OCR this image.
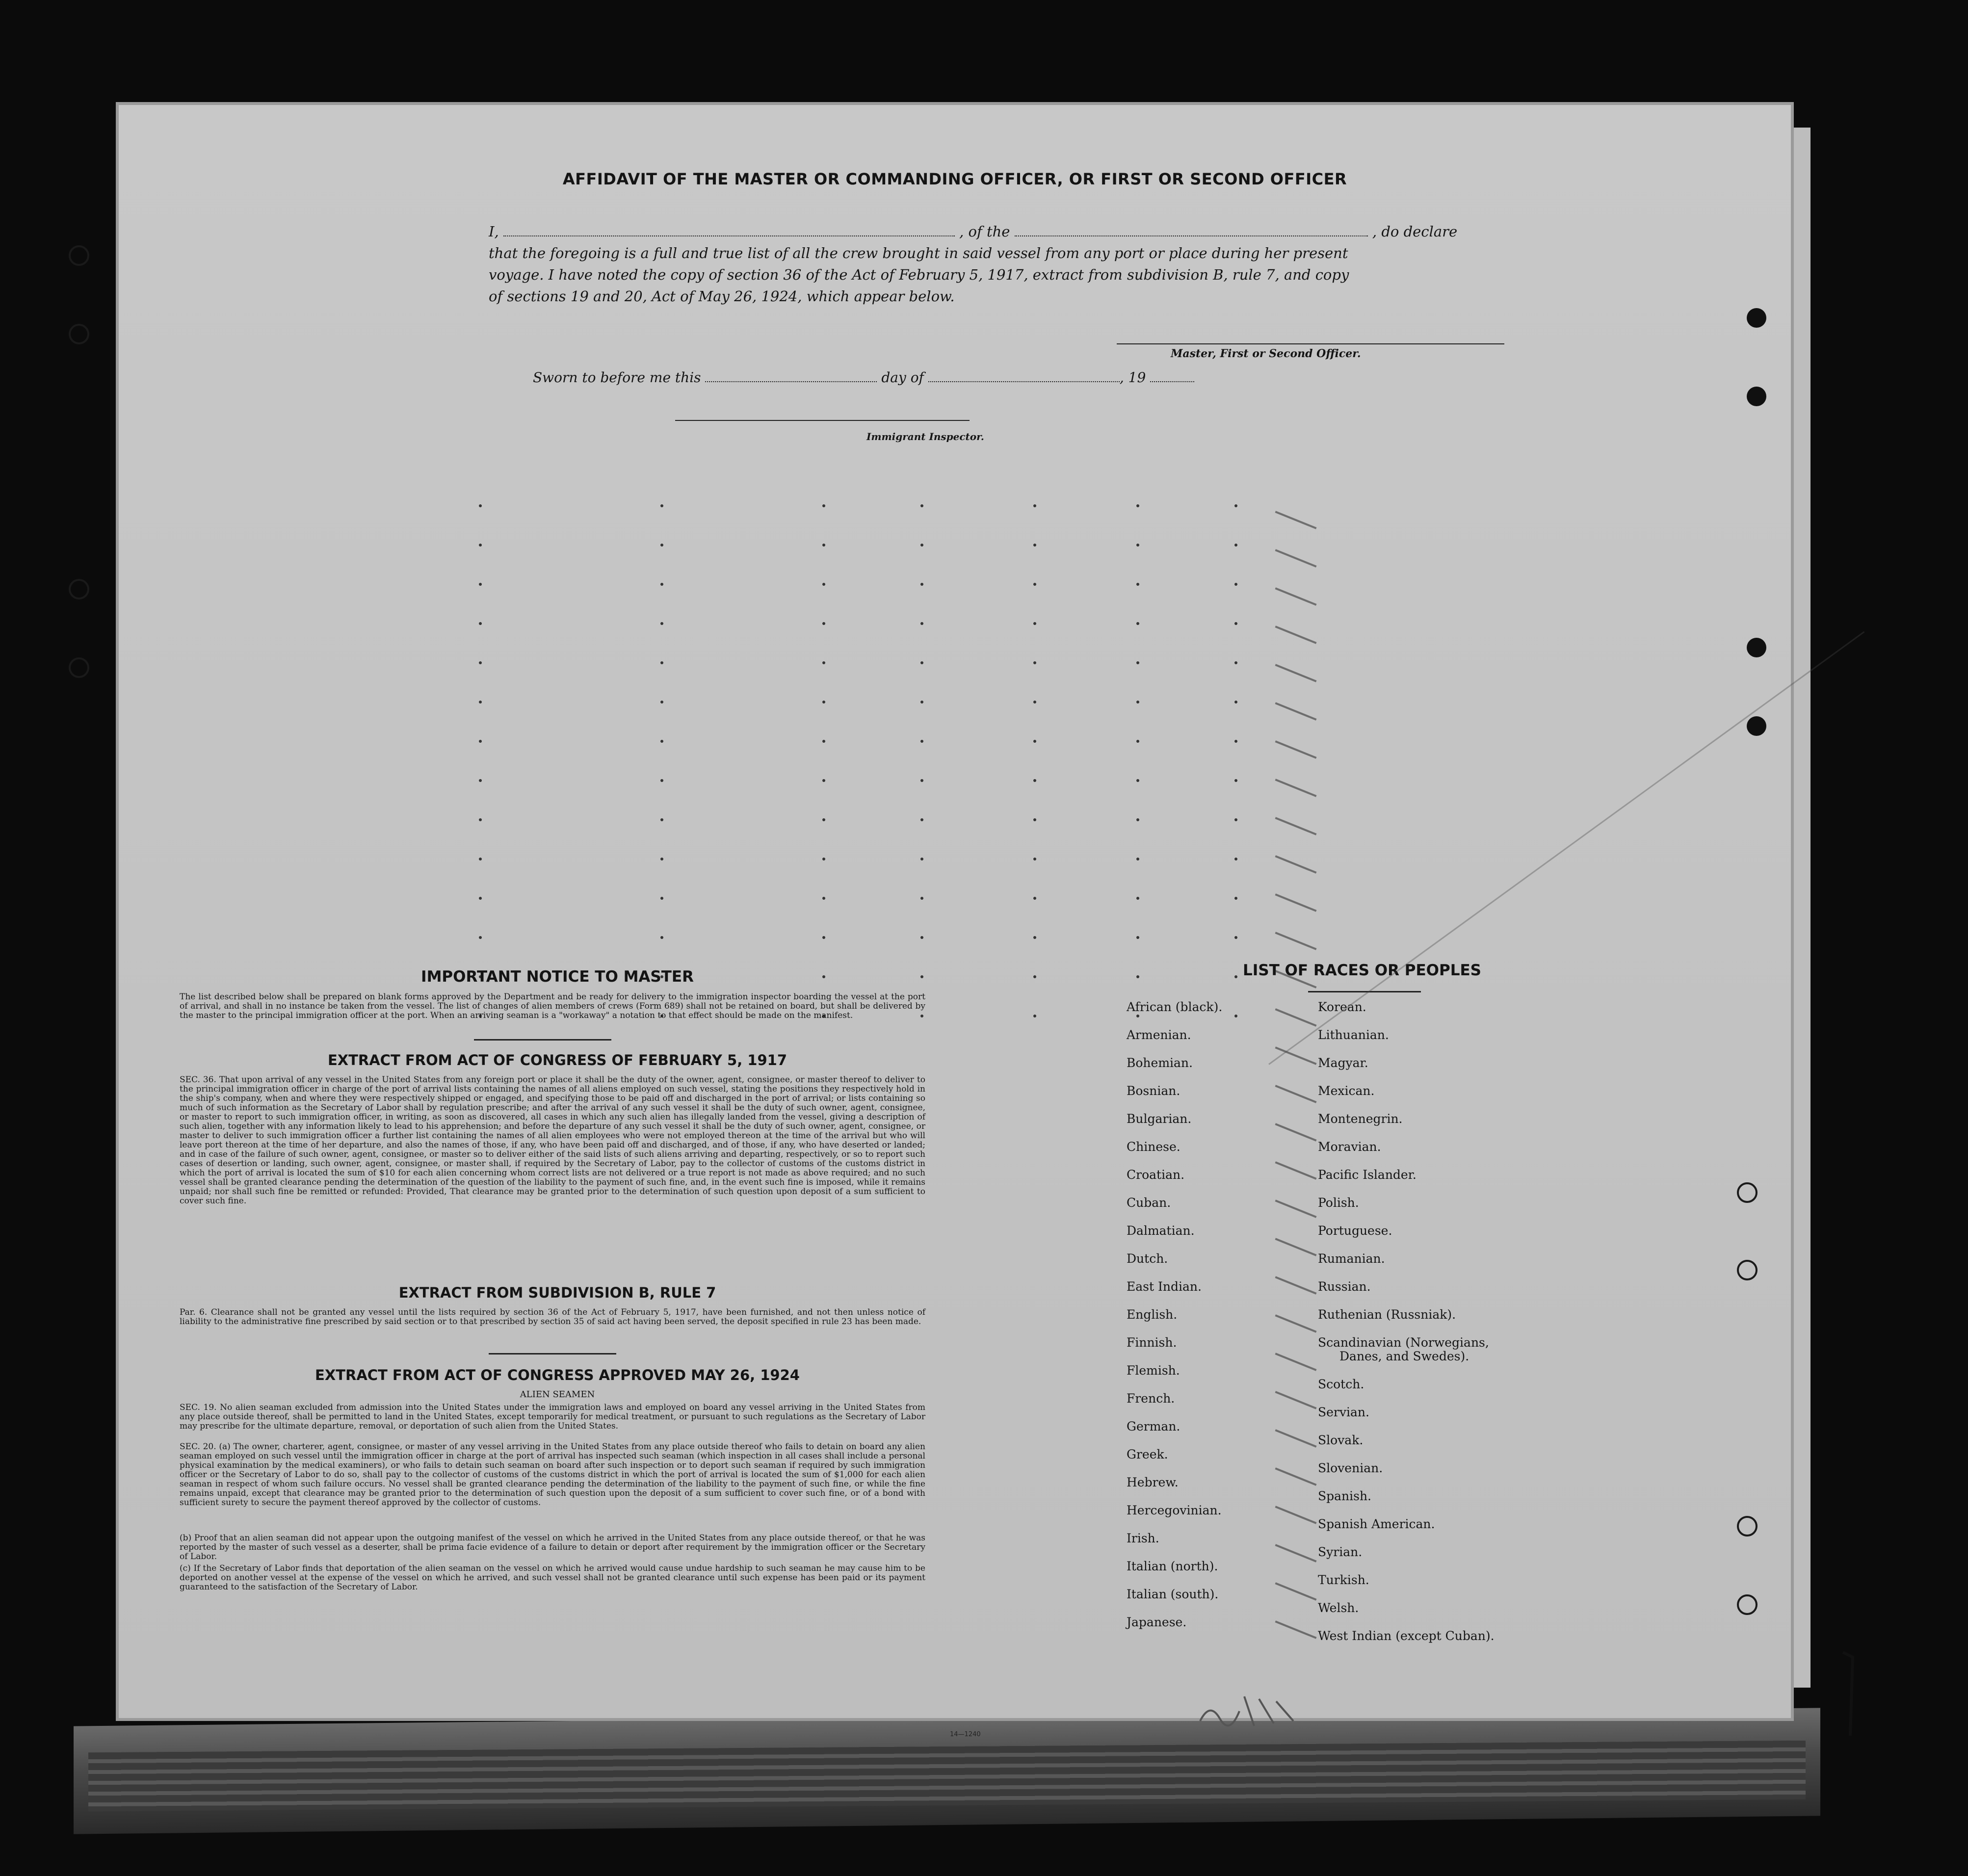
AFFIDAVIT OF THE MASTER OR COMMANDING OFFICER, OR FIRST OR SECOND OFFICER
I,	, of the	, do declare
that the foregoing is a full and true list of all the crew brought in said vessel from any port or place during her present
voyage. I have noted the copy of section 36 of the Act of February 5, 1917, extract from subdivision B, rule 7, and copy
of sections 19 and 20, Act of May 26, 1924, which appear below.
Master, First or Second Officer.
Sworn to before me this	day of	, 19
Immigrant Inspector.
IMPORTANT NOTICE TO MASTER
The list described below shall be prepared on blank forms approved by the Department and be ready for delivery to the immigration inspector boarding the vessel at the port of arrival, and shall in no instance be taken from the vessel. The list of changes of alien members of crews (Form 689) shall not be retained on board, but shall be delivered by the master to the principal immigration officer at the port. When an arriving seaman is a "workaway" a notation to that effect should be made on the manifest.
EXTRACT FROM ACT OF CONGRESS OF FEBRUARY 5, 1917
SEC. 36. That upon arrival of any vessel in the United States from any foreign port or place it shall be the duty of the owner, agent, consignee, or master thereof to deliver to the principal immigration officer in charge of the port of arrival lists containing the names of all aliens employed on such vessel, stating the positions they respectively hold in the ship's company, when and where they were respectively shipped or engaged, and specifying those to be paid off and discharged in the port of arrival; or lists containing so much of such information as the Secretary of Labor shall by regulation prescribe; and after the arrival of any such vessel it shall be the duty of such owner, agent, consignee, or master to report to such immigration officer, in writing, as soon as discovered, all cases in which any such alien has illegally landed from the vessel, giving a description of such alien, together with any information likely to lead to his apprehension; and before the departure of any such vessel it shall be the duty of such owner, agent, consignee, or master to deliver to such immigration officer a further list containing the names of all alien employees who were not employed thereon at the time of the arrival but who will leave port thereon at the time of her departure, and also the names of those, if any, who have been paid off and discharged, and of those, if any, who have deserted or landed; and in case of the failure of such owner, agent, consignee, or master so to deliver either of the said lists of such aliens arriving and departing, respectively, or so to report such cases of desertion or landing, such owner, agent, consignee, or master shall, if required by the Secretary of Labor, pay to the collector of customs of the customs district in which the port of arrival is located the sum of $10 for each alien concerning whom correct lists are not delivered or a true report is not made as above required; and no such vessel shall be granted clearance pending the determination of the question of the liability to the payment of such fine, and, in the event such fine is imposed, while it remains unpaid; nor shall such fine be remitted or refunded: Provided, That clearance may be granted prior to the determination of such question upon deposit of a sum sufficient to cover such fine.
EXTRACT FROM SUBDIVISION B, RULE 7
Par. 6. Clearance shall not be granted any vessel until the lists required by section 36 of the Act of February 5, 1917, have been furnished, and not then unless notice of liability to the administrative fine prescribed by said section or to that prescribed by section 35 of said act having been served, the deposit specified in rule 23 has been made.
EXTRACT FROM ACT OF CONGRESS APPROVED MAY 26, 1924
ALIEN SEAMEN
SEC. 19. No alien seaman excluded from admission into the United States under the immigration laws and employed on board any vessel arriving in the United States from any place outside thereof, shall be permitted to land in the United States, except temporarily for medical treatment, or pursuant to such regulations as the Secretary of Labor may prescribe for the ultimate departure, removal, or deportation of such alien from the United States.
SEC. 20. (a) The owner, charterer, agent, consignee, or master of any vessel arriving in the United States from any place outside thereof who fails to detain on board any alien seaman employed on such vessel until the immigration officer in charge at the port of arrival has inspected such seaman (which inspection in all cases shall include a personal physical examination by the medical examiners), or who fails to detain such seaman on board after such inspection or to deport such seaman if required by such immigration officer or the Secretary of Labor to do so, shall pay to the collector of customs of the customs district in which the port of arrival is located the sum of $1,000 for each alien seaman in respect of whom such failure occurs. No vessel shall be granted clearance pending the determination of the liability to the payment of such fine, or while the fine remains unpaid, except that clearance may be granted prior to the determination of such question upon the deposit of a sum sufficient to cover such fine, or of a bond with sufficient surety to secure the payment thereof approved by the collector of customs.
(b) Proof that an alien seaman did not appear upon the outgoing manifest of the vessel on which he arrived in the United States from any place outside thereof, or that he was reported by the master of such vessel as a deserter, shall be prima facie evidence of a failure to detain or deport after requirement by the immigration officer or the Secretary of Labor.
(c) If the Secretary of Labor finds that deportation of the alien seaman on the vessel on which he arrived would cause undue hardship to such seaman he may cause him to be deported on another vessel at the expense of the vessel on which he arrived, and such vessel shall not be granted clearance until such expense has been paid or its payment guaranteed to the satisfaction of the Secretary of Labor.
14—1240
LIST OF RACES OR PEOPLES
African (black).
Armenian.
Bohemian.
Bosnian.
Bulgarian.
Chinese.
Croatian.
Cuban.
Dalmatian.
Dutch.
East Indian.
English.
Finnish.
Flemish.
French.
German.
Greek.
Hebrew.
Hercegovinian.
Irish.
Italian (north).
Italian (south).
Japanese.
Korean.
Lithuanian.
Magyar.
Mexican.
Montenegrin.
Moravian.
Pacific Islander.
Polish.
Portuguese.
Rumanian.
Russian.
Ruthenian (Russniak).
Scandinavian (Norwegians,
Danes, and Swedes).
Scotch.
Servian.
Slovak.
Slovenian.
Spanish.
Spanish American.
Syrian.
Turkish.
Welsh.
West Indian (except Cuban).
